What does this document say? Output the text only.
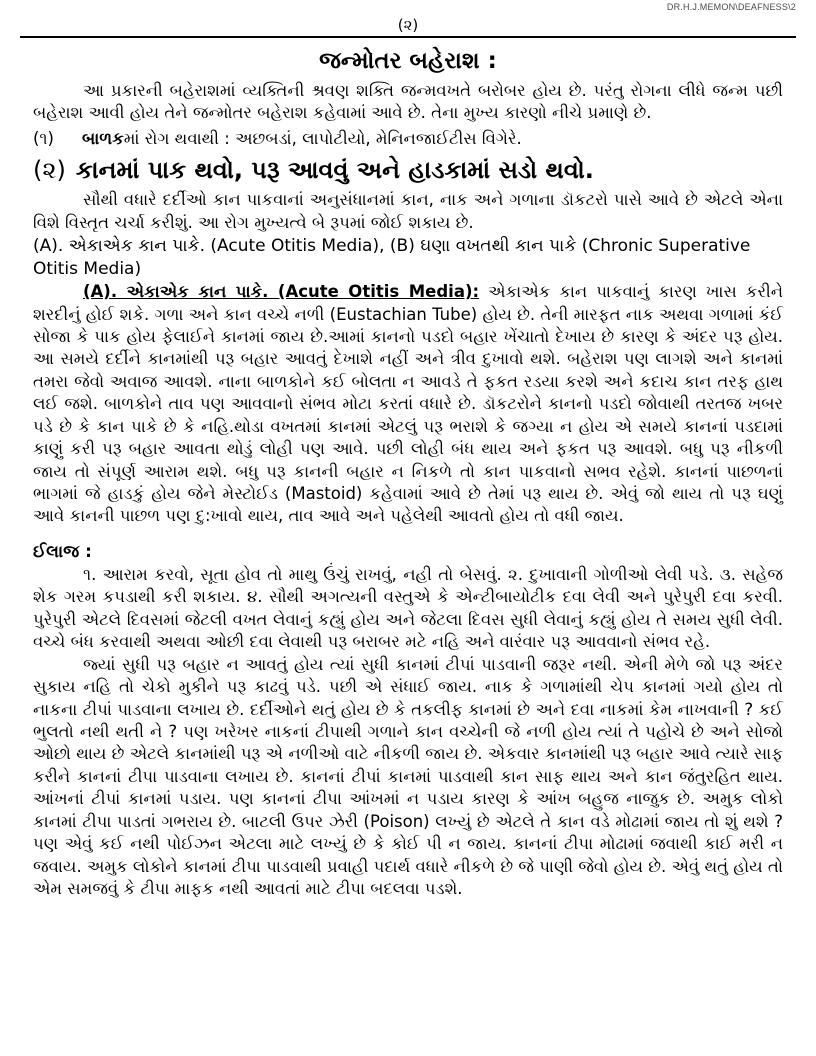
DR.H.J.MEMON\DEAFNESS\2
(૨)
જન્મોતર બહેરાશ :

આ પ્રકારની બહેરાશમાં વ્યક્તિની શ્રવણ શક્તિ જન્મવખતે બરોબર હોય છે. પરંતુ રોગના લીધે જન્મ પછી બહેરાશ આવી હોય તેને જન્મોતર બહેરાશ કહેવામાં આવે છે. તેના મુખ્ય કારણો નીચે પ્રમાણે છે.

(૧) બાળકમાં રોગ થવાથી : અછબડાં, લાપોટીયો, મેનિનજાઈટીસ વિગેરે.

(૨) કાનમાં પાક થવો, પરૂ આવવું અને હાડકામાં સડો થવો.

સૌથી વધારે દર્દીઓ કાન પાકવાનાં અનુસંધાનમાં કાન, નાક અને ગળાના ડૉકટરો પાસે આવે છે એટલે એના વિશે વિસ્તૃત ચર્ચા કરીશું. આ રોગ મુખ્યત્વે બે રૂપમાં જોઈ શકાય છે.

(A). એકાએક કાન પાકે. (Acute Otitis Media), (B) ઘણા વખતથી કાન પાકે (Chronic Superative Otitis Media)

(A). એકાએક કાન પાકે. (Acute Otitis Media): એકાએક કાન પાકવાનું કારણ ખાસ કરીને શરદીનું હોઈ શકે. ગળા અને કાન વચ્ચે નળી (Eustachian Tube) હોય છે. તેની મારફત નાક અથવા ગળામાં કંઈ સોજા કે પાક હોય ફેલાઈને કાનમાં જાય છે.આમાં કાનનો પડદો બહાર ખેંચાતો દેખાય છે કારણ કે અંદર પરૂ હોય. આ સમયે દર્દીને કાનમાંથી પરૂ બહાર આવતું દેખાશે નહીં અને ત્રીવ દુખાવો થશે. બહેરાશ પણ લાગશે અને કાનમાં તમરા જેવો અવાજ આવશે. નાના બાળકોને કઈ બોલતા ન આવડે તે ફકત રડયા કરશે અને કદાચ કાન તરફ હાથ લઈ જશે. બાળકોને તાવ પણ આવવાનો સંભવ મોટા કરતાં વધારે છે. ડૉકટરોને કાનનો પડદો જોવાથી તરતજ ખબર પડે છે કે કાન પાકે છે કે નહિ.થોડા વખતમાં કાનમાં એટલું પરૂ ભરાશે કે જગ્યા ન હોય એ સમયે કાનનાં પડદામાં કાણું કરી પરૂ બહાર આવતા થોડું લોહી પણ આવે. પછી લોહી બંધ થાય અને ફકત પરૂ આવશે. બધુ પરૂ નીકળી જાય તો સંપૂર્ણ આરામ થશે. બધુ પરૂ કાનની બહાર ન નિકળે તો કાન પાકવાનો સભવ રહેશે. કાનનાં પાછળનાં ભાગમાં જે હાડકું હોય જેને મેસ્ટોઈડ (Mastoid) કહેવામાં આવે છે તેમાં પરૂ થાય છે. એવું જો થાય તો પરૂ ઘણું આવે કાનની પાછળ પણ દુ:ખાવો થાય, તાવ આવે અને પહેલેથી આવતો હોય તો વધી જાય.

ઈલાજ :

૧. આરામ કરવો, સૂતા હોવ તો માથુ ઉંચું રાખવું, નહી તો બેસવું. ૨. દુખાવાની ગોળીઓ લેવી પડે. ૩. સહેજ શેક ગરમ કપડાથી કરી શકાય. ૪. સૌથી અગત્યની વસ્તુએ કે એન્ટીબાયોટીક દવા લેવી અને પુરેપુરી દવા કરવી. પુરેપુરી એટલે દિવસમાં જેટલી વખત લેવાનું કહ્યું હોય અને જેટલા દિવસ સુધી લેવાનું કહ્યું હોય તે સમય સુધી લેવી. વચ્ચે બંધ કરવાથી અથવા ઓછી દવા લેવાથી પરૂ બરાબર મટે નહિ અને વારંવાર પરૂ આવવાનો સંભવ રહે.

જ્યાં સુધી પરૂ બહાર ન આવતું હોય ત્યાં સુધી કાનમાં ટીપાં પાડવાની જરૂર નથી. એની મેળે જો પરૂ અંદર સુકાય નહિ તો ચેકો મુકીને પરૂ કાઢવું પડે. પછી એ સંધાઈ જાય. નાક કે ગળામાંથી ચેપ કાનમાં ગયો હોય તો નાકના ટીપાં પાડવાના લખાય છે. દર્દીઓને થતું હોય છે કે તકલીફ કાનમાં છે અને દવા નાકમાં કેમ નાખવાની ? કઈ ભુલતો નથી થતી ને ? પણ ખરેખર નાકનાં ટીપાથી ગળાને કાન વચ્ચેની જે નળી હોય ત્યાં તે પહોચે છે અને સોજો ઓછો થાય છે એટલે કાનમાંથી પરૂ એ નળીઓ વાટે નીકળી જાય છે. એકવાર કાનમાંથી પરૂ બહાર આવે ત્યારે સાફ કરીને કાનનાં ટીપા પાડવાના લખાય છે. કાનનાં ટીપાં કાનમાં પાડવાથી કાન સાફ થાય અને કાન જંતુરહિત થાય. આંખનાં ટીપાં કાનમાં પડાય. પણ કાનનાં ટીપા આંખમાં ન પડાય કારણ કે આંખ બહુજ નાજુક છે. અમુક લોકો કાનમાં ટીપા પાડતાં ગભરાય છે. બાટલી ઉપર ઝેરી (Poison) લખ્યું છે એટલે તે કાન વડે મોઢામાં જાય તો શું થશે ? પણ એવું કઈ નથી પોઈઝન એટલા માટે લખ્યું છે કે કોઈ પી ન જાય. કાનનાં ટીપા મોઢામાં જવાથી કાઈ મરી ન જવાય. અમુક લોકોને કાનમાં ટીપા પાડવાથી પ્રવાહી પદાર્થ વધારે નીકળે છે જે પાણી જેવો હોય છે. એવું થતું હોય તો એમ સમજવું કે ટીપા માફક નથી આવતાં માટે ટીપા બદલવા પડશે.
